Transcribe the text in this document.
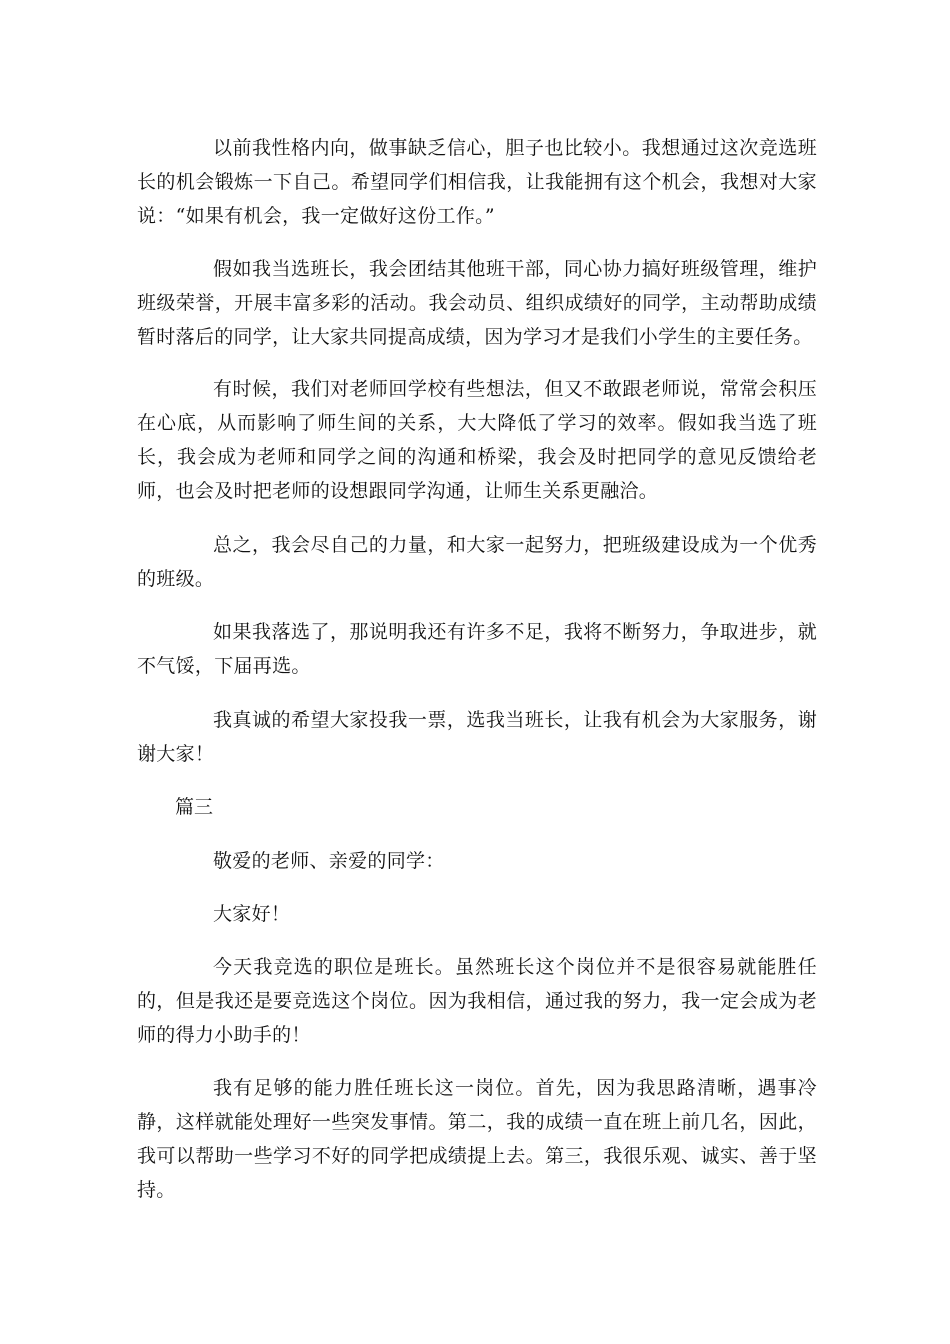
以前我性格内向，做事缺乏信心，胆子也比较小。我想通过这次竞选班长的机会锻炼一下自己。希望同学们相信我，让我能拥有这个机会，我想对大家说：“如果有机会，我一定做好这份工作。”

假如我当选班长，我会团结其他班干部，同心协力搞好班级管理，维护班级荣誉，开展丰富多彩的活动。我会动员、组织成绩好的同学，主动帮助成绩暂时落后的同学，让大家共同提高成绩，因为学习才是我们小学生的主要任务。

有时候，我们对老师回学校有些想法，但又不敢跟老师说，常常会积压在心底，从而影响了师生间的关系，大大降低了学习的效率。假如我当选了班长，我会成为老师和同学之间的沟通和桥梁，我会及时把同学的意见反馈给老师，也会及时把老师的设想跟同学沟通，让师生关系更融洽。

总之，我会尽自己的力量，和大家一起努力，把班级建设成为一个优秀的班级。

如果我落选了，那说明我还有许多不足，我将不断努力，争取进步，就不气馁，下届再选。

我真诚的希望大家投我一票，选我当班长，让我有机会为大家服务，谢谢大家！

篇三

敬爱的老师、亲爱的同学：

大家好！

今天我竞选的职位是班长。虽然班长这个岗位并不是很容易就能胜任的，但是我还是要竞选这个岗位。因为我相信，通过我的努力，我一定会成为老师的得力小助手的！

我有足够的能力胜任班长这一岗位。首先，因为我思路清晰，遇事冷静，这样就能处理好一些突发事情。第二，我的成绩一直在班上前几名，因此，我可以帮助一些学习不好的同学把成绩提上去。第三，我很乐观、诚实、善于坚持。
